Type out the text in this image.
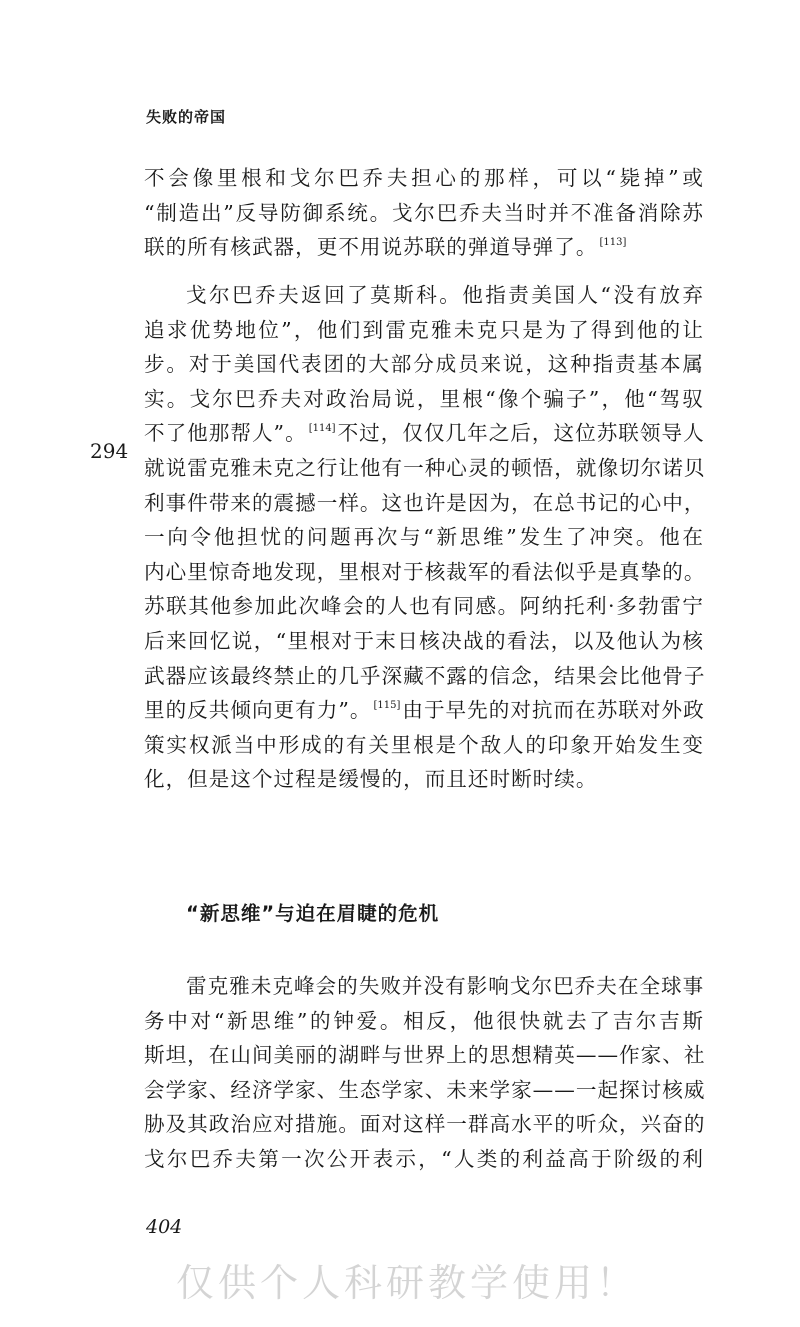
失败的帝国
不会像里根和戈尔巴乔夫担心的那样，可以“毙掉”或
“制造出”反导防御系统。戈尔巴乔夫当时并不准备消除苏
联的所有核武器，更不用说苏联的弹道导弹了。 [113]
戈尔巴乔夫返回了莫斯科。他指责美国人“没有放弃
追求优势地位”，他们到雷克雅未克只是为了得到他的让
步。对于美国代表团的大部分成员来说，这种指责基本属
实。戈尔巴乔夫对政治局说，里根“像个骗子”，他“驾驭
不了他那帮人”。 [114]不过，仅仅几年之后，这位苏联领导人
就说雷克雅未克之行让他有一种心灵的顿悟，就像切尔诺贝
利事件带来的震撼一样。这也许是因为，在总书记的心中，
一向令他担忧的问题再次与“新思维”发生了冲突。他在
内心里惊奇地发现，里根对于核裁军的看法似乎是真挚的。
苏联其他参加此次峰会的人也有同感。阿纳托利·多勃雷宁
后来回忆说，“里根对于末日核决战的看法，以及他认为核
武器应该最终禁止的几乎深藏不露的信念，结果会比他骨子
里的反共倾向更有力”。 [115]由于早先的对抗而在苏联对外政
策实权派当中形成的有关里根是个敌人的印象开始发生变
化，但是这个过程是缓慢的，而且还时断时续。
294
“新思维”与迫在眉睫的危机
雷克雅未克峰会的失败并没有影响戈尔巴乔夫在全球事
务中对“新思维”的钟爱。相反，他很快就去了吉尔吉斯
斯坦，在山间美丽的湖畔与世界上的思想精英——作家、社
会学家、经济学家、生态学家、未来学家——一起探讨核威
胁及其政治应对措施。面对这样一群高水平的听众，兴奋的
戈尔巴乔夫第一次公开表示，“人类的利益高于阶级的利
404
仅供个人科研教学使用！
